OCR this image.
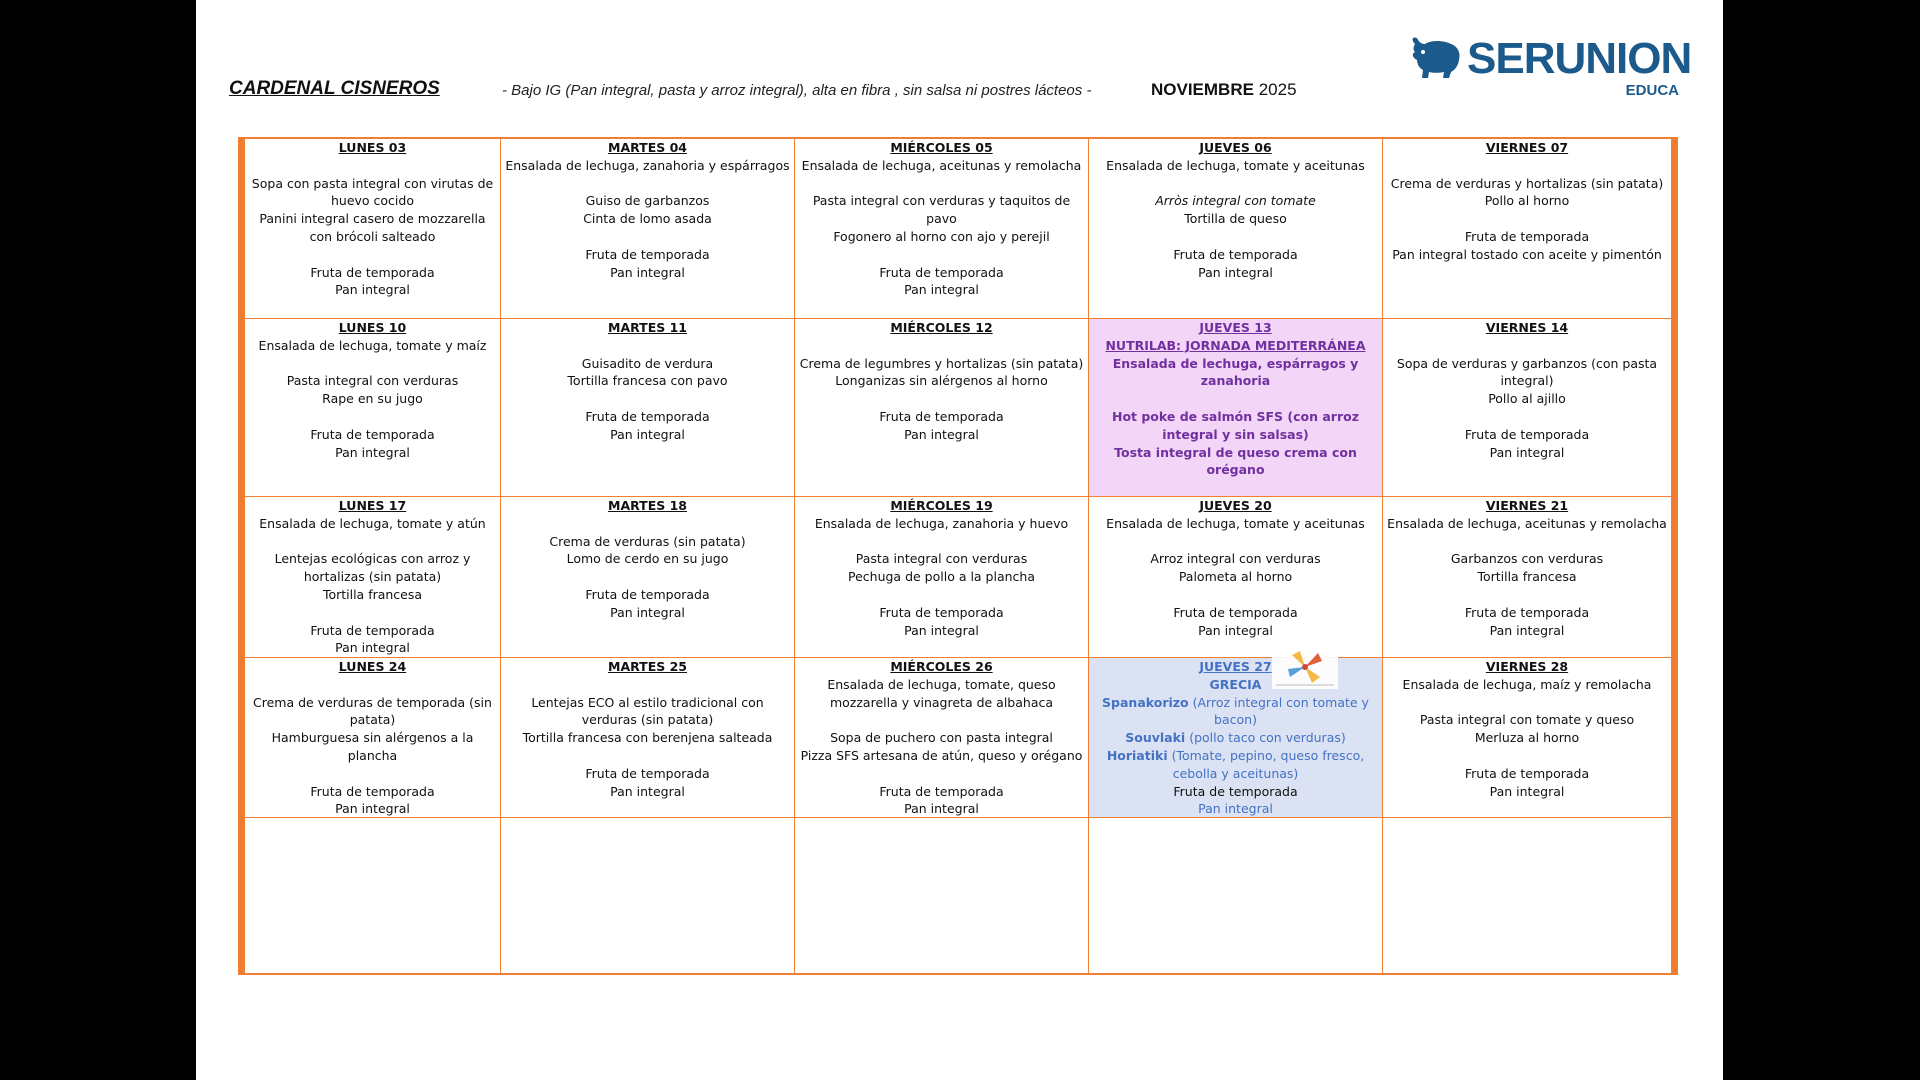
CARDENAL CISNEROS	- Bajo IG (Pan integral, pasta y arroz integral), alta en fibra , sin salsa ni postres lácteos -	NOVIEMBRE 2025
SERUNION
EDUCA
LUNES 03
Sopa con pasta integral con virutas de huevo cocido
Panini integral casero de mozzarella con brócoli salteado
Fruta de temporada
Pan integral
MARTES 04
Ensalada de lechuga, zanahoria y espárragos
Guiso de garbanzos
Cinta de lomo asada
Fruta de temporada
Pan integral
MIÉRCOLES 05
Ensalada de lechuga, aceitunas y remolacha
Pasta integral con verduras y taquitos de pavo
Fogonero al horno con ajo y perejil
Fruta de temporada
Pan integral
JUEVES 06
Ensalada de lechuga, tomate y aceitunas
Arròs integral con tomate
Tortilla de queso
Fruta de temporada
Pan integral
VIERNES 07
Crema de verduras y hortalizas (sin patata)
Pollo al horno
Fruta de temporada
Pan integral tostado con aceite y pimentón
LUNES 10
Ensalada de lechuga, tomate y maíz
Pasta integral con verduras
Rape en su jugo
Fruta de temporada
Pan integral
MARTES 11
Guisadito de verdura
Tortilla francesa con pavo
Fruta de temporada
Pan integral
MIÉRCOLES 12
Crema de legumbres y hortalizas (sin patata)
Longanizas sin alérgenos al horno
Fruta de temporada
Pan integral
JUEVES 13
NUTRILAB: JORNADA MEDITERRÁNEA
Ensalada de lechuga, espárragos y zanahoria
Hot poke de salmón SFS (con arroz integral y sin salsas)
Tosta integral de queso crema con orégano
VIERNES 14
Sopa de verduras y garbanzos (con pasta integral)
Pollo al ajillo
Fruta de temporada
Pan integral
LUNES 17
Ensalada de lechuga, tomate y atún
Lentejas ecológicas con arroz y hortalizas (sin patata)
Tortilla francesa
Fruta de temporada
Pan integral
MARTES 18
Crema de verduras (sin patata)
Lomo de cerdo en su jugo
Fruta de temporada
Pan integral
MIÉRCOLES 19
Ensalada de lechuga, zanahoria y huevo
Pasta integral con verduras
Pechuga de pollo a la plancha
Fruta de temporada
Pan integral
JUEVES 20
Ensalada de lechuga, tomate y aceitunas
Arroz integral con verduras
Palometa al horno
Fruta de temporada
Pan integral
VIERNES 21
Ensalada de lechuga, aceitunas y remolacha
Garbanzos con verduras
Tortilla francesa
Fruta de temporada
Pan integral
LUNES 24
Crema de verduras de temporada (sin patata)
Hamburguesa sin alérgenos a la plancha
Fruta de temporada
Pan integral
MARTES 25
Lentejas ECO al estilo tradicional con verduras (sin patata)
Tortilla francesa con berenjena salteada
Fruta de temporada
Pan integral
MIÉRCOLES 26
Ensalada de lechuga, tomate, queso mozzarella y vinagreta de albahaca
Sopa de puchero con pasta integral
Pizza SFS artesana de atún, queso y orégano
Fruta de temporada
Pan integral
JUEVES 27
GRECIA
Spanakorizo (Arroz integral con tomate y bacon)
Souvlaki (pollo taco con verduras)
Horiatiki (Tomate, pepino, queso fresco, cebolla y aceitunas)
Fruta de temporada
Pan integral
VIERNES 28
Ensalada de lechuga, maíz y remolacha
Pasta integral con tomate y queso
Merluza al horno
Fruta de temporada
Pan integral
